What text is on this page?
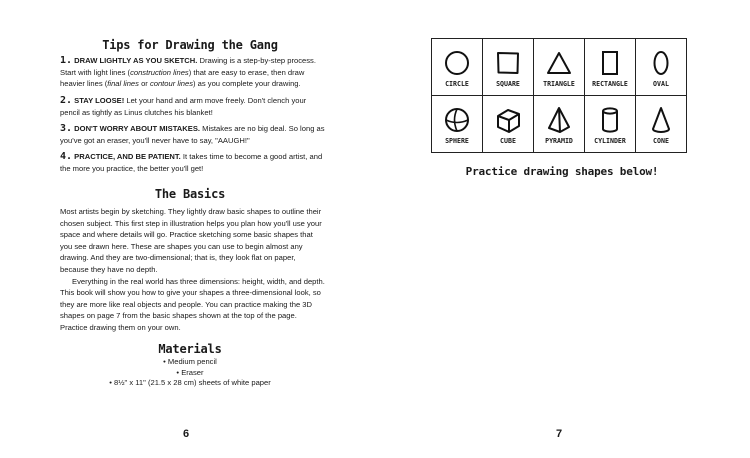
Tips for Drawing the Gang
1. DRAW LIGHTLY AS YOU SKETCH. Drawing is a step-by-step process. Start with light lines (construction lines) that are easy to erase, then draw heavier lines (final lines or contour lines) as you complete your drawing.
2. STAY LOOSE! Let your hand and arm move freely. Don't clench your pencil as tightly as Linus clutches his blanket!
3. DON'T WORRY ABOUT MISTAKES. Mistakes are no big deal. So long as you've got an eraser, you'll never have to say, "AAUGH!"
4. PRACTICE, AND BE PATIENT. It takes time to become a good artist, and the more you practice, the better you'll get!
The Basics

Most artists begin by sketching. They lightly draw basic shapes to outline their chosen subject. This first step in illustration helps you plan how you'll use your space and where details will go. Practice sketching some basic shapes that you see drawn here. These are shapes you can use to begin almost any drawing. And they are two-dimensional; that is, they look flat on paper, because they have no depth.

Everything in the real world has three dimensions: height, width, and depth. This book will show you how to give your shapes a three-dimensional look, so they are more like real objects and people. You can practice making the 3D shapes on page 7 from the basic shapes shown at the top of the page. Practice drawing them on your own.

Materials
• Medium pencil
• Eraser
• 8½" x 11" (21.5 x 28 cm) sheets of white paper
6
CIRCLE	SQUARE	TRIANGLE	RECTANGLE	OVAL

SPHERE	CUBE	PYRAMID	CYLINDER	CONE
Practice drawing shapes below!
7
